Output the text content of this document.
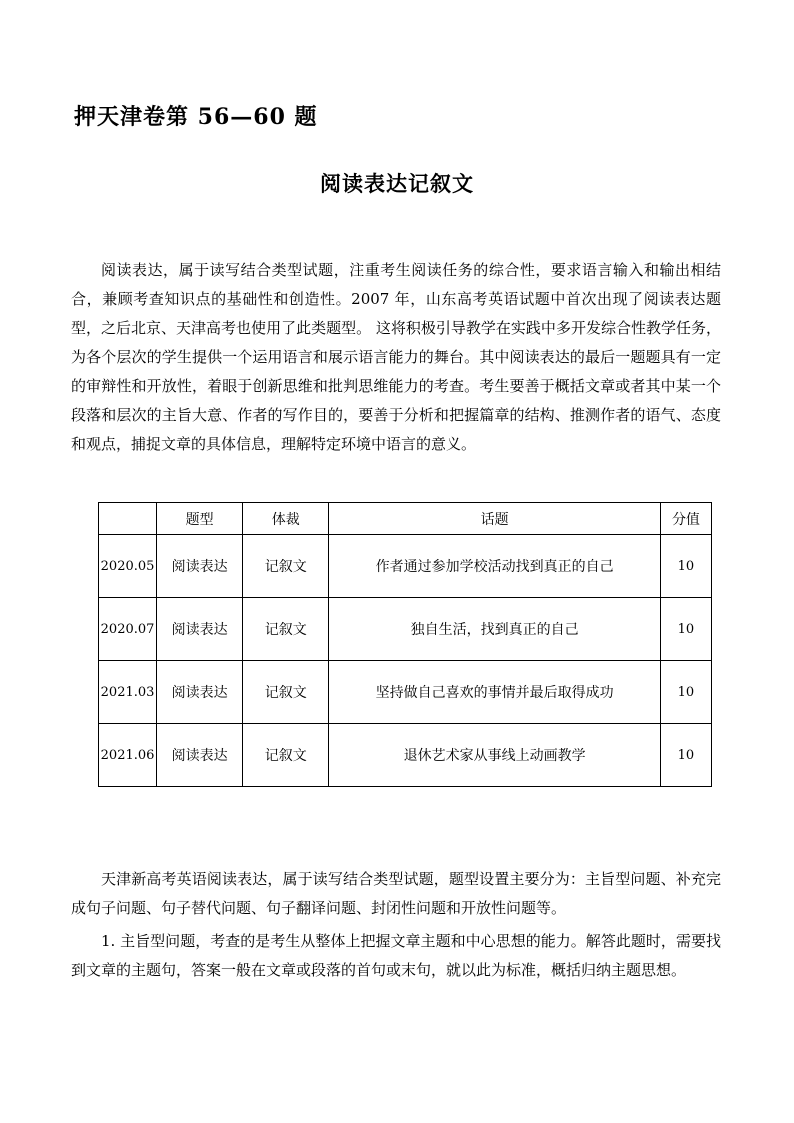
押天津卷第 56—60 题
阅读表达记叙文

阅读表达，属于读写结合类型试题，注重考生阅读任务的综合性，要求语言输入和输出相结合，兼顾考查知识点的基础性和创造性。2007 年，山东高考英语试题中首次出现了阅读表达题型，之后北京、天津高考也使用了此类题型。 这将积极引导教学在实践中多开发综合性教学任务，为各个层次的学生提供一个运用语言和展示语言能力的舞台。其中阅读表达的最后一题题具有一定的审辩性和开放性，着眼于创新思维和批判思维能力的考查。考生要善于概括文章或者其中某一个段落和层次的主旨大意、作者的写作目的，要善于分析和把握篇章的结构、推测作者的语气、态度和观点，捕捉文章的具体信息，理解特定环境中语言的意义。

	题型	体裁	话题	分值
2020.05	阅读表达	记叙文	作者通过参加学校活动找到真正的自己	10
2020.07	阅读表达	记叙文	独自生活，找到真正的自己	10
2021.03	阅读表达	记叙文	坚持做自己喜欢的事情并最后取得成功	10
2021.06	阅读表达	记叙文	退休艺术家从事线上动画教学	10

天津新高考英语阅读表达，属于读写结合类型试题，题型设置主要分为：主旨型问题、补充完成句子问题、句子替代问题、句子翻译问题、封闭性问题和开放性问题等。

1. 主旨型问题，考查的是考生从整体上把握文章主题和中心思想的能力。解答此题时，需要找到文章的主题句，答案一般在文章或段落的首句或末句，就以此为标准，概括归纳主题思想。
